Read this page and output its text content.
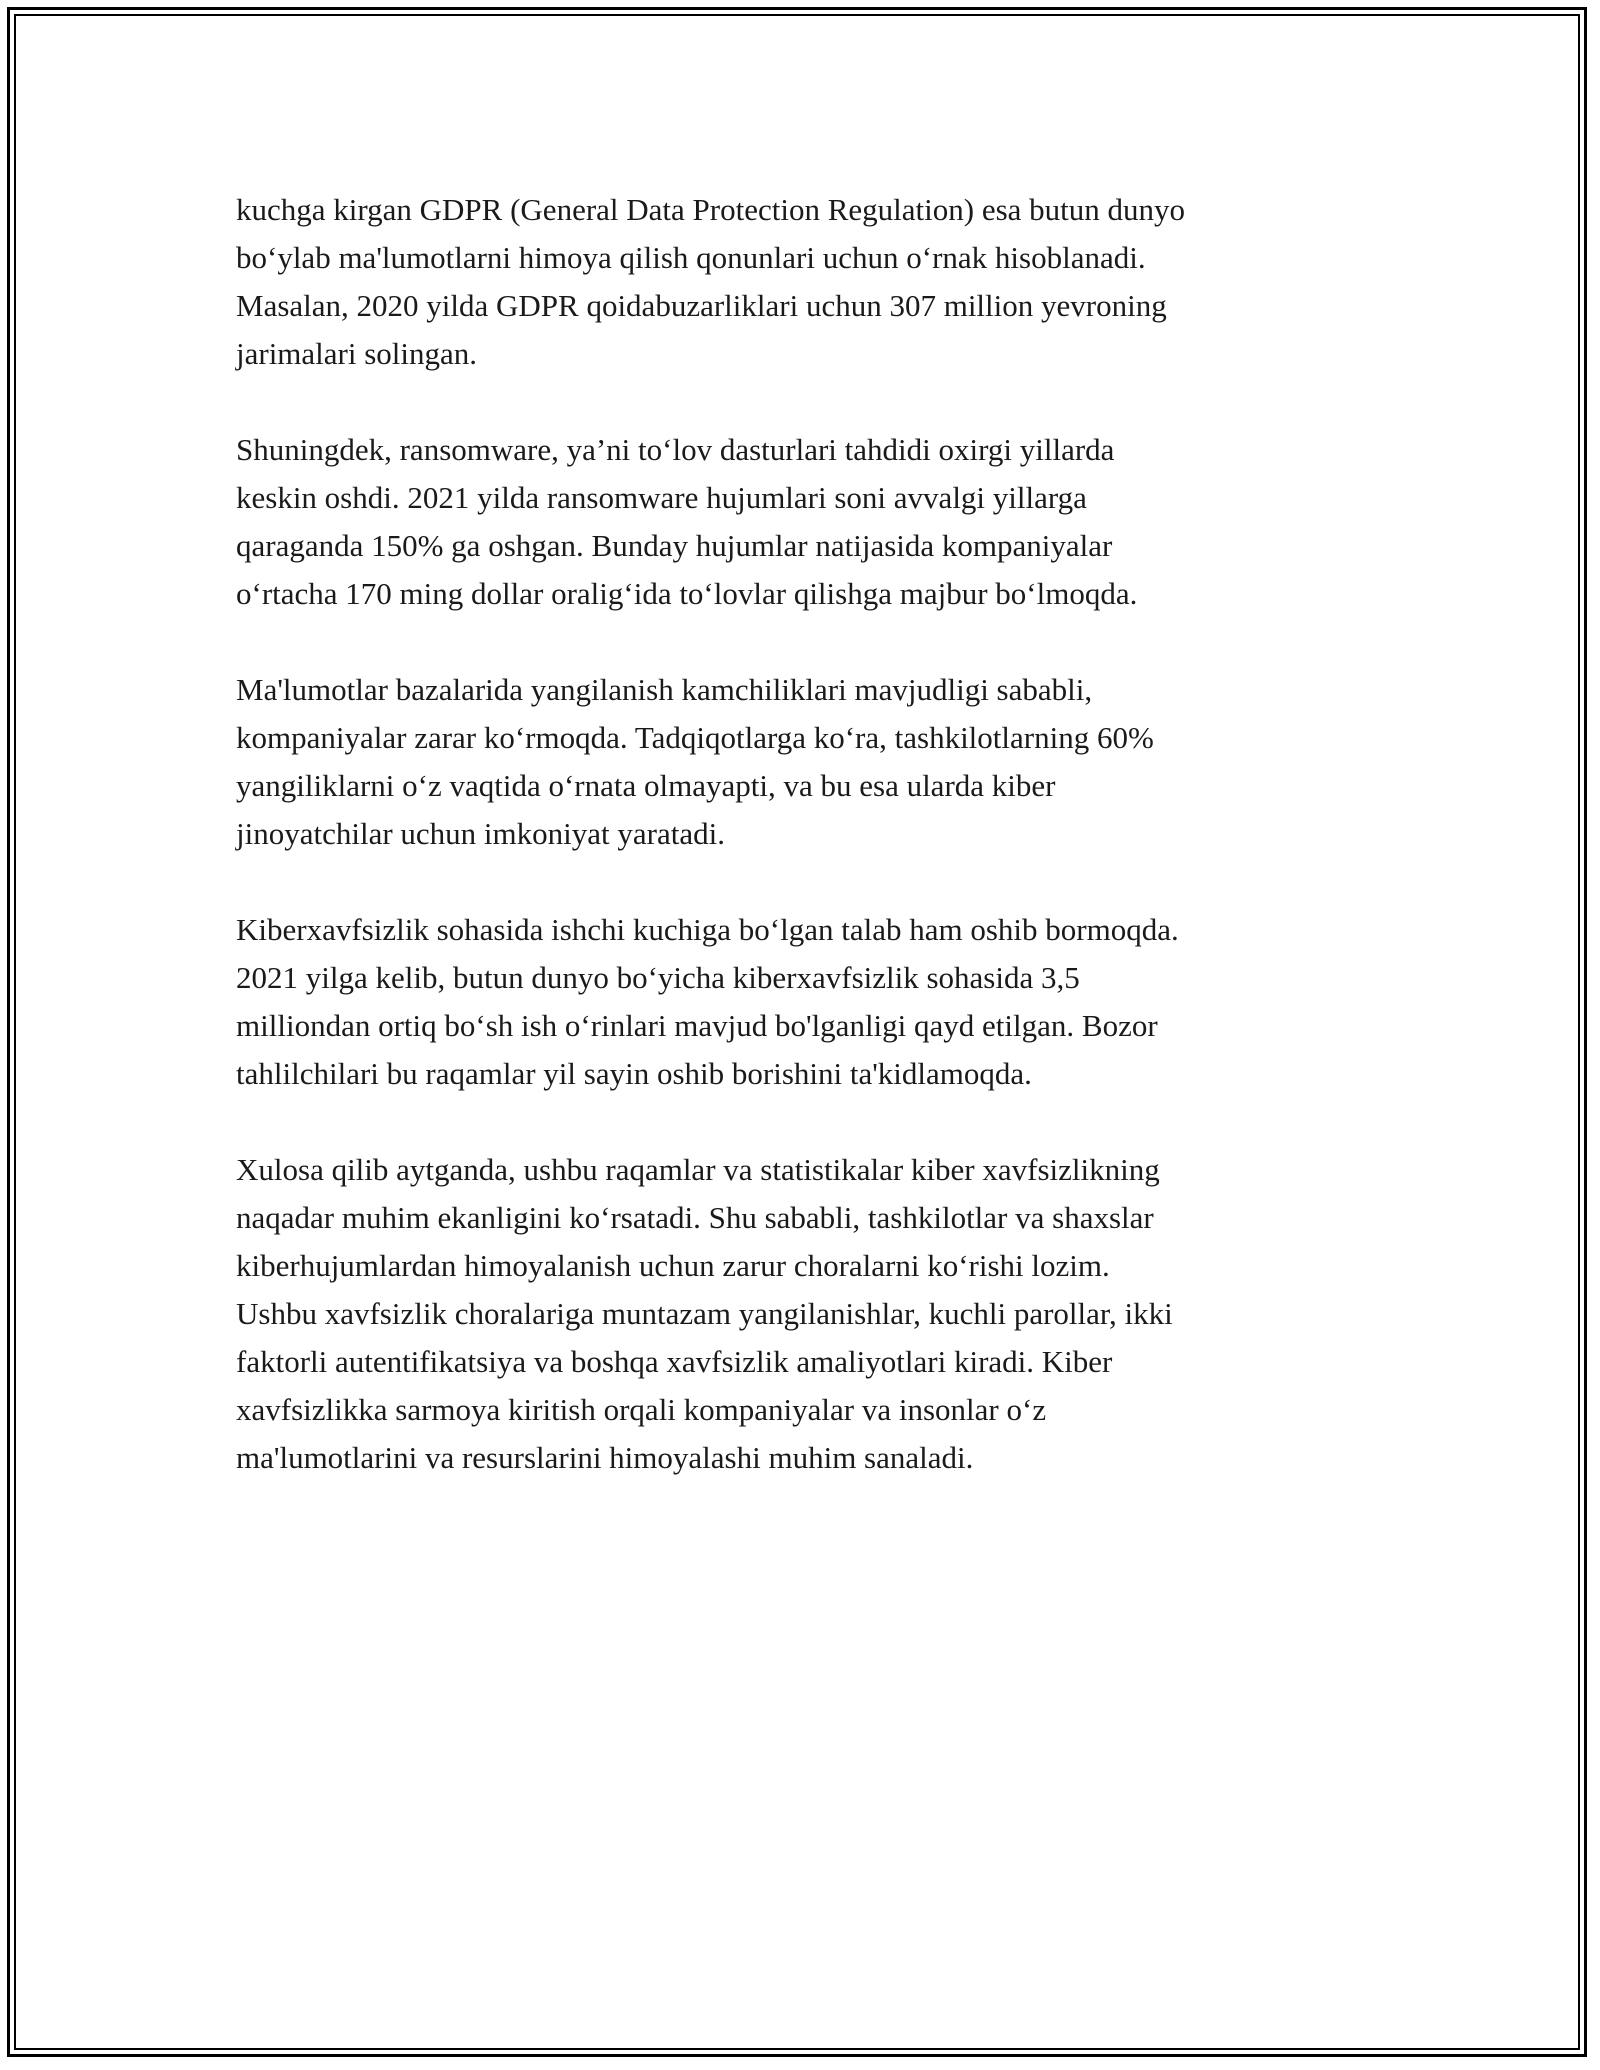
kuchga kirgan GDPR (General Data Protection Regulation) esa butun dunyo
bo‘ylab ma'lumotlarni himoya qilish qonunlari uchun o‘rnak hisoblanadi.
Masalan, 2020 yilda GDPR qoidabuzarliklari uchun 307 million yevroning
jarimalari solingan.

Shuningdek, ransomware, ya’ni to‘lov dasturlari tahdidi oxirgi yillarda
keskin oshdi. 2021 yilda ransomware hujumlari soni avvalgi yillarga
qaraganda 150% ga oshgan. Bunday hujumlar natijasida kompaniyalar
o‘rtacha 170 ming dollar oralig‘ida to‘lovlar qilishga majbur bo‘lmoqda.

Ma'lumotlar bazalarida yangilanish kamchiliklari mavjudligi sababli,
kompaniyalar zarar ko‘rmoqda. Tadqiqotlarga ko‘ra, tashkilotlarning 60%
yangiliklarni o‘z vaqtida o‘rnata olmayapti, va bu esa ularda kiber
jinoyatchilar uchun imkoniyat yaratadi.

Kiberxavfsizlik sohasida ishchi kuchiga bo‘lgan talab ham oshib bormoqda.
2021 yilga kelib, butun dunyo bo‘yicha kiberxavfsizlik sohasida 3,5
milliondan ortiq bo‘sh ish o‘rinlari mavjud bo'lganligi qayd etilgan. Bozor
tahlilchilari bu raqamlar yil sayin oshib borishini ta'kidlamoqda.

Xulosa qilib aytganda, ushbu raqamlar va statistikalar kiber xavfsizlikning
naqadar muhim ekanligini ko‘rsatadi. Shu sababli, tashkilotlar va shaxslar
kiberhujumlardan himoyalanish uchun zarur choralarni ko‘rishi lozim.
Ushbu xavfsizlik choralariga muntazam yangilanishlar, kuchli parollar, ikki
faktorli autentifikatsiya va boshqa xavfsizlik amaliyotlari kiradi. Kiber
xavfsizlikka sarmoya kiritish orqali kompaniyalar va insonlar o‘z
ma'lumotlarini va resurslarini himoyalashi muhim sanaladi.
